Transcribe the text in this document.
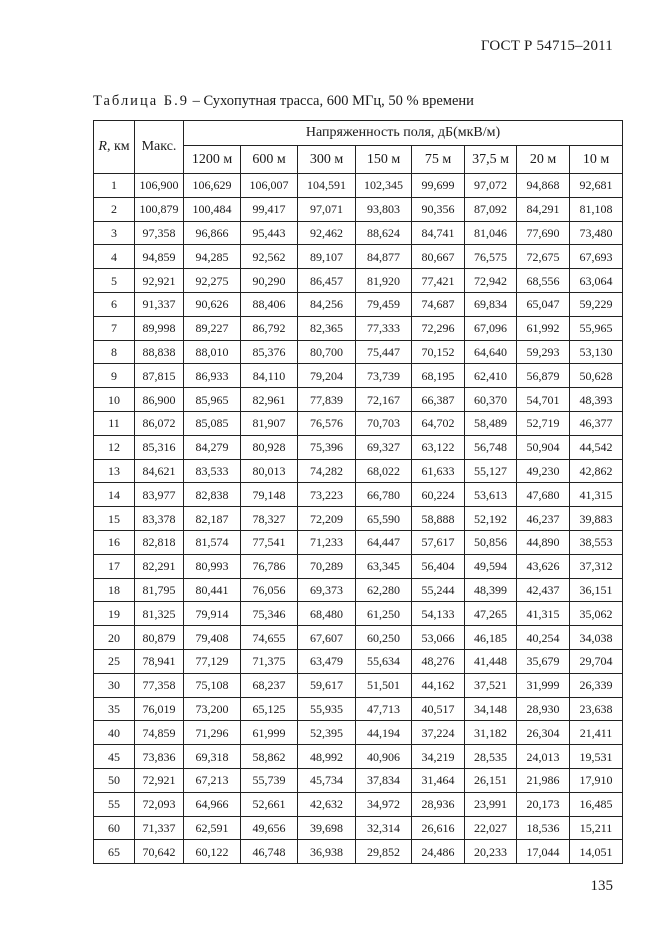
ГОСТ Р 54715–2011
Таблица Б.9 – Сухопутная трасса, 600 МГц, 50 % времени
R, км	Макс.	Напряженность поля, дБ(мкВ/м)							
		1200 м	600 м	300 м	150 м	75 м	37,5 м	20 м	10 м
1	106,900	106,629	106,007	104,591	102,345	99,699	97,072	94,868	92,681
2	100,879	100,484	99,417	97,071	93,803	90,356	87,092	84,291	81,108
3	97,358	96,866	95,443	92,462	88,624	84,741	81,046	77,690	73,480
4	94,859	94,285	92,562	89,107	84,877	80,667	76,575	72,675	67,693
5	92,921	92,275	90,290	86,457	81,920	77,421	72,942	68,556	63,064
6	91,337	90,626	88,406	84,256	79,459	74,687	69,834	65,047	59,229
7	89,998	89,227	86,792	82,365	77,333	72,296	67,096	61,992	55,965
8	88,838	88,010	85,376	80,700	75,447	70,152	64,640	59,293	53,130
9	87,815	86,933	84,110	79,204	73,739	68,195	62,410	56,879	50,628
10	86,900	85,965	82,961	77,839	72,167	66,387	60,370	54,701	48,393
11	86,072	85,085	81,907	76,576	70,703	64,702	58,489	52,719	46,377
12	85,316	84,279	80,928	75,396	69,327	63,122	56,748	50,904	44,542
13	84,621	83,533	80,013	74,282	68,022	61,633	55,127	49,230	42,862
14	83,977	82,838	79,148	73,223	66,780	60,224	53,613	47,680	41,315
15	83,378	82,187	78,327	72,209	65,590	58,888	52,192	46,237	39,883
16	82,818	81,574	77,541	71,233	64,447	57,617	50,856	44,890	38,553
17	82,291	80,993	76,786	70,289	63,345	56,404	49,594	43,626	37,312
18	81,795	80,441	76,056	69,373	62,280	55,244	48,399	42,437	36,151
19	81,325	79,914	75,346	68,480	61,250	54,133	47,265	41,315	35,062
20	80,879	79,408	74,655	67,607	60,250	53,066	46,185	40,254	34,038
25	78,941	77,129	71,375	63,479	55,634	48,276	41,448	35,679	29,704
30	77,358	75,108	68,237	59,617	51,501	44,162	37,521	31,999	26,339
35	76,019	73,200	65,125	55,935	47,713	40,517	34,148	28,930	23,638
40	74,859	71,296	61,999	52,395	44,194	37,224	31,182	26,304	21,411
45	73,836	69,318	58,862	48,992	40,906	34,219	28,535	24,013	19,531
50	72,921	67,213	55,739	45,734	37,834	31,464	26,151	21,986	17,910
55	72,093	64,966	52,661	42,632	34,972	28,936	23,991	20,173	16,485
60	71,337	62,591	49,656	39,698	32,314	26,616	22,027	18,536	15,211
65	70,642	60,122	46,748	36,938	29,852	24,486	20,233	17,044	14,051
135
